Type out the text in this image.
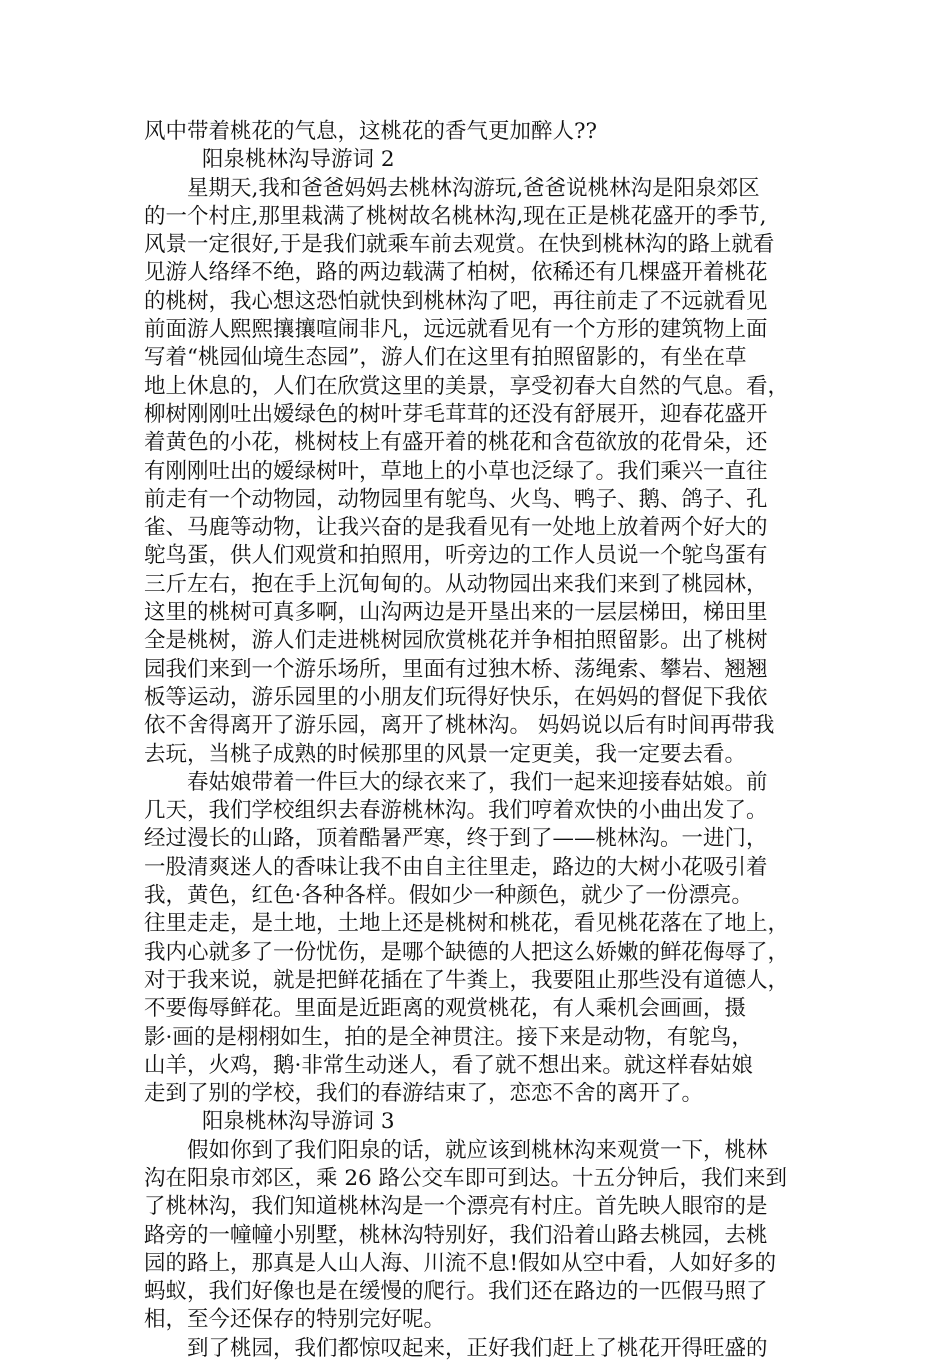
风中带着桃花的气息，这桃花的香气更加醉人??
阳泉桃林沟导游词 2
　　星期天,我和爸爸妈妈去桃林沟游玩,爸爸说桃林沟是阳泉郊区
的一个村庄,那里栽满了桃树故名桃林沟,现在正是桃花盛开的季节,
风景一定很好,于是我们就乘车前去观赏。在快到桃林沟的路上就看
见游人络绎不绝，路的两边载满了柏树，依稀还有几棵盛开着桃花
的桃树，我心想这恐怕就快到桃林沟了吧，再往前走了不远就看见
前面游人熙熙攘攘喧闹非凡，远远就看见有一个方形的建筑物上面
写着“桃园仙境生态园”，游人们在这里有拍照留影的，有坐在草
地上休息的，人们在欣赏这里的美景，享受初春大自然的气息。看，
柳树刚刚吐出嫒绿色的树叶芽毛茸茸的还没有舒展开，迎春花盛开
着黄色的小花，桃树枝上有盛开着的桃花和含苞欲放的花骨朵，还
有刚刚吐出的嫒绿树叶，草地上的小草也泛绿了。我们乘兴一直往
前走有一个动物园，动物园里有鸵鸟、火鸟、鸭子、鹅、鸽子、孔
雀、马鹿等动物，让我兴奋的是我看见有一处地上放着两个好大的
鸵鸟蛋，供人们观赏和拍照用，听旁边的工作人员说一个鸵鸟蛋有
三斤左右，抱在手上沉甸甸的。从动物园出来我们来到了桃园林，
这里的桃树可真多啊，山沟两边是开垦出来的一层层梯田，梯田里
全是桃树，游人们走进桃树园欣赏桃花并争相拍照留影。出了桃树
园我们来到一个游乐场所，里面有过独木桥、荡绳索、攀岩、翘翘
板等运动，游乐园里的小朋友们玩得好快乐，在妈妈的督促下我依
依不舍得离开了游乐园，离开了桃林沟。 妈妈说以后有时间再带我
去玩，当桃子成熟的时候那里的风景一定更美，我一定要去看。
　　春姑娘带着一件巨大的绿衣来了，我们一起来迎接春姑娘。前
几天，我们学校组织去春游桃林沟。我们哼着欢快的小曲出发了。
经过漫长的山路，顶着酷暑严寒，终于到了——桃林沟。一进门，
一股清爽迷人的香味让我不由自主往里走，路边的大树小花吸引着
我，黄色，红色·各种各样。假如少一种颜色，就少了一份漂亮。
往里走走，是土地，土地上还是桃树和桃花，看见桃花落在了地上，
我内心就多了一份忧伤，是哪个缺德的人把这么娇嫩的鲜花侮辱了，
对于我来说，就是把鲜花插在了牛粪上，我要阻止那些没有道德人，
不要侮辱鲜花。里面是近距离的观赏桃花，有人乘机会画画，摄
影·画的是栩栩如生，拍的是全神贯注。接下来是动物，有鸵鸟，
山羊，火鸡，鹅·非常生动迷人，看了就不想出来。就这样春姑娘
走到了别的学校，我们的春游结束了，恋恋不舍的离开了。
阳泉桃林沟导游词 3
　　假如你到了我们阳泉的话，就应该到桃林沟来观赏一下，桃林
沟在阳泉市郊区，乘 26 路公交车即可到达。十五分钟后，我们来到
了桃林沟，我们知道桃林沟是一个漂亮有村庄。首先映人眼帘的是
路旁的一幢幢小别墅，桃林沟特别好，我们沿着山路去桃园，去桃
园的路上，那真是人山人海、川流不息!假如从空中看，人如好多的
蚂蚁，我们好像也是在缓慢的爬行。我们还在路边的一匹假马照了
相，至今还保存的特别完好呢。
　　到了桃园，我们都惊叹起来，正好我们赶上了桃花开得旺盛的
